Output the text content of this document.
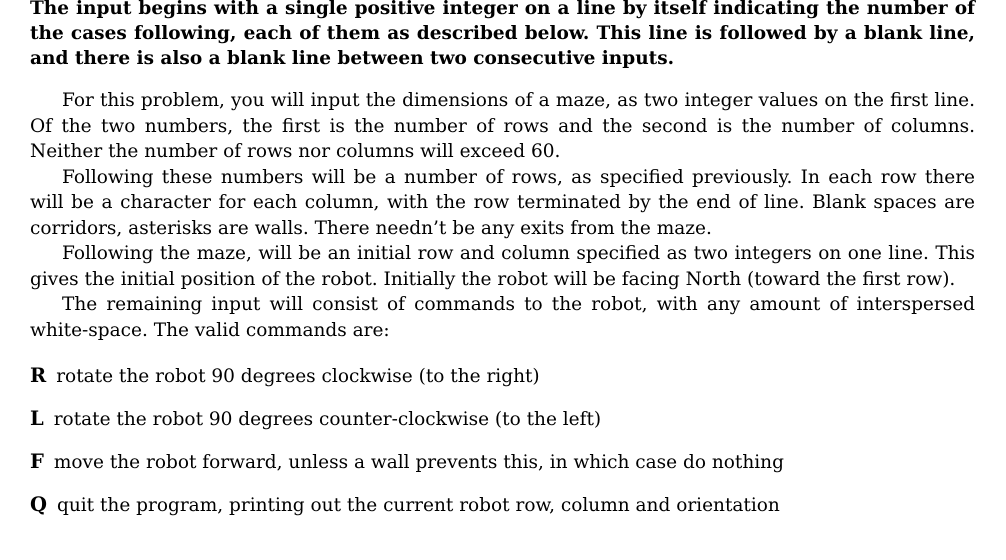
The input begins with a single positive integer on a line by itself indicating the number of the cases following, each of them as described below. This line is followed by a blank line, and there is also a blank line between two consecutive inputs.

For this problem, you will input the dimensions of a maze, as two integer values on the first line. Of the two numbers, the first is the number of rows and the second is the number of columns. Neither the number of rows nor columns will exceed 60.

Following these numbers will be a number of rows, as specified previously. In each row there will be a character for each column, with the row terminated by the end of line. Blank spaces are corridors, asterisks are walls. There needn’t be any exits from the maze.

Following the maze, will be an initial row and column specified as two integers on one line. This gives the initial position of the robot. Initially the robot will be facing North (toward the first row).

The remaining input will consist of commands to the robot, with any amount of interspersed white-space. The valid commands are:

R rotate the robot 90 degrees clockwise (to the right)
L rotate the robot 90 degrees counter-clockwise (to the left)
F move the robot forward, unless a wall prevents this, in which case do nothing
Q quit the program, printing out the current robot row, column and orientation
